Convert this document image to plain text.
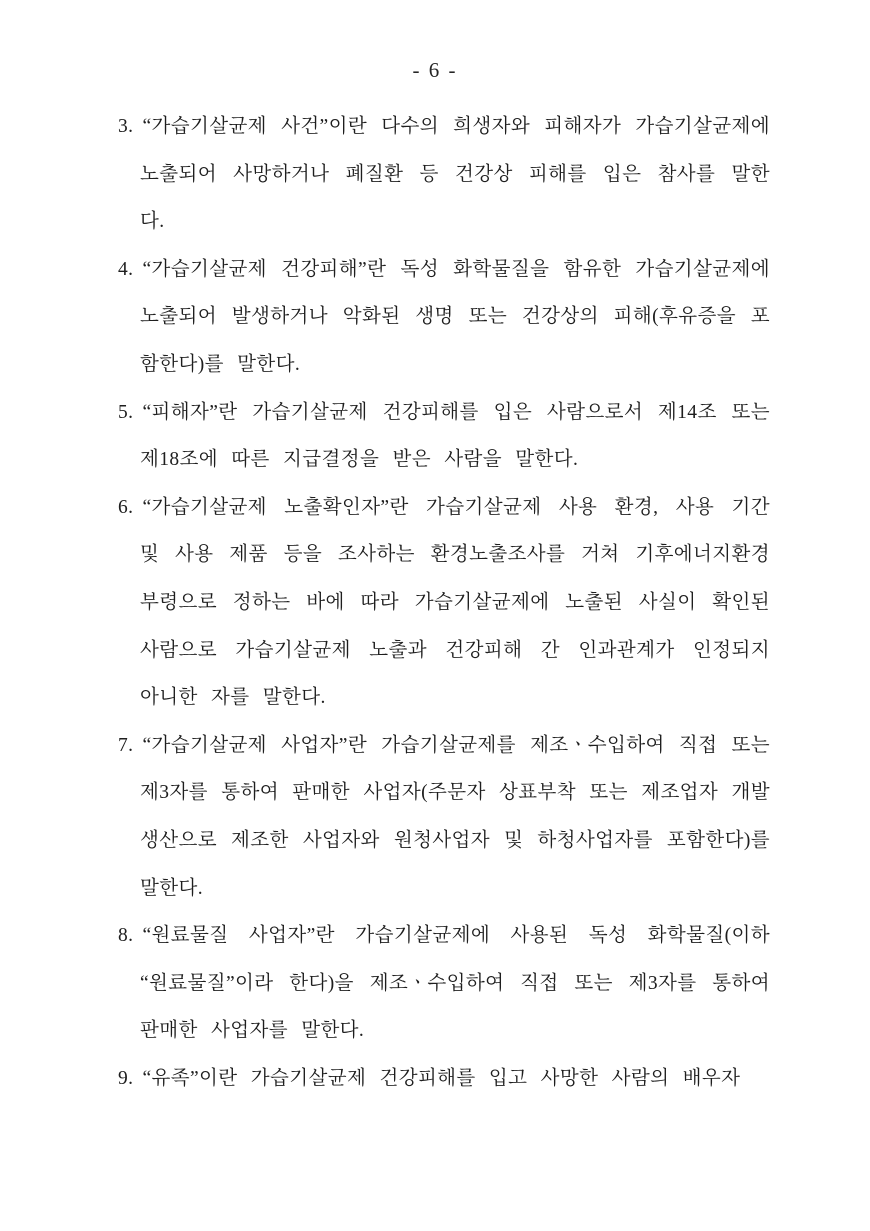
- 6 -

3. “가습기살균제 사건”이란 다수의 희생자와 피해자가 가습기살균제에 노출되어 사망하거나 폐질환 등 건강상 피해를 입은 참사를 말한다.

4. “가습기살균제 건강피해”란 독성 화학물질을 함유한 가습기살균제에 노출되어 발생하거나 악화된 생명 또는 건강상의 피해(후유증을 포함한다)를 말한다.

5. “피해자”란 가습기살균제 건강피해를 입은 사람으로서 제14조 또는 제18조에 따른 지급결정을 받은 사람을 말한다.

6. “가습기살균제 노출확인자”란 가습기살균제 사용 환경, 사용 기간 및 사용 제품 등을 조사하는 환경노출조사를 거쳐 기후에너지환경부령으로 정하는 바에 따라 가습기살균제에 노출된 사실이 확인된 사람으로 가습기살균제 노출과 건강피해 간 인과관계가 인정되지 아니한 자를 말한다.

7. “가습기살균제 사업자”란 가습기살균제를 제조ㆍ수입하여 직접 또는 제3자를 통하여 판매한 사업자(주문자 상표부착 또는 제조업자 개발생산으로 제조한 사업자와 원청사업자 및 하청사업자를 포함한다)를 말한다.

8. “원료물질 사업자”란 가습기살균제에 사용된 독성 화학물질(이하 “원료물질”이라 한다)을 제조ㆍ수입하여 직접 또는 제3자를 통하여 판매한 사업자를 말한다.

9. “유족”이란 가습기살균제 건강피해를 입고 사망한 사람의 배우자
